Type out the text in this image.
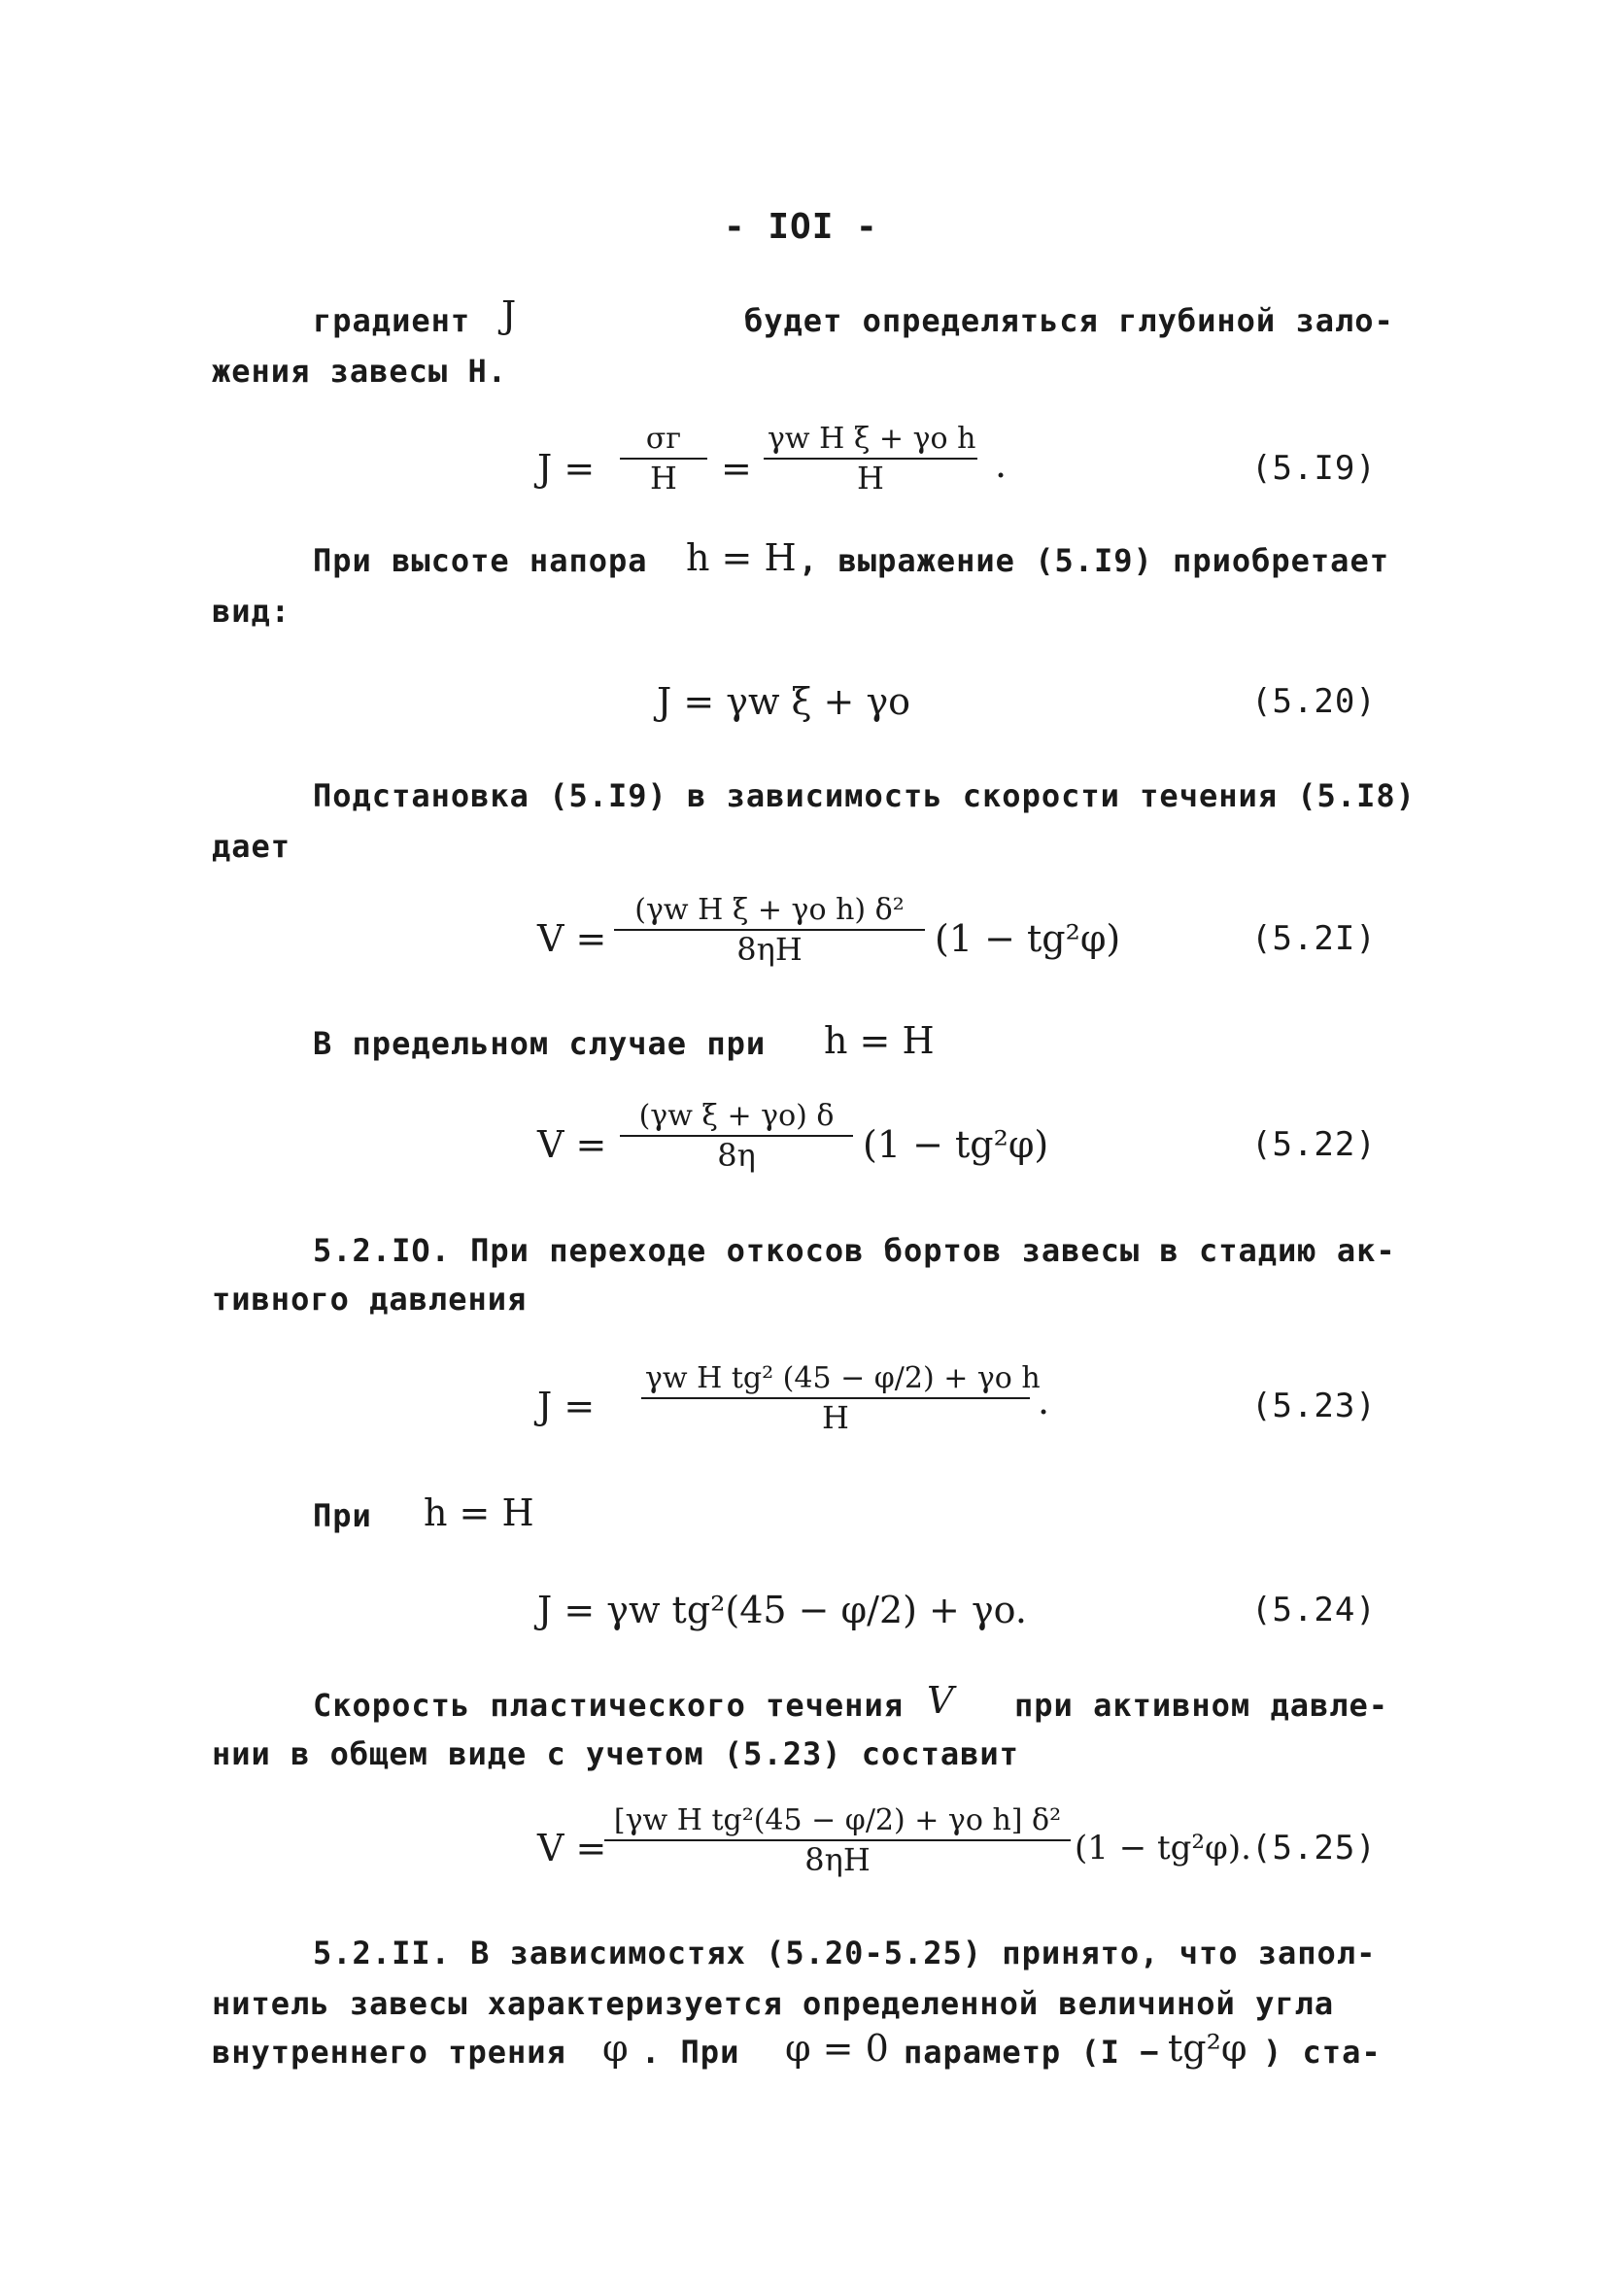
- IOI -
градиент J	будет определяться глубиной зало-
жения завесы H.
J =
σг
H	= $\frac{\text{γw H ξ + γo h}}{H}$ .	(5.I9)
При высоте напора h = H , выражение (5.I9) приобретает
вид:
J = γw ξ + γo	(5.20)
Подстановка (5.I9) в зависимость скорости течения (5.I8)
дает
$V = \frac{\text{(γw H ξ + γo h) δ²}}{8\eta H} (1 - tg^2\varphi)$	(5.2I)
В предельном случае при h = H
$V = \frac{\text{(γw ξ + γo) δ}}{8\eta} (1 - tg^2\varphi)$	(5.22)
5.2.IO. При переходе откосов бортов завесы в стадию ак-
тивного давления
$J = \frac{\text{γw H tg² (45 − φ/2) + γo h}}{H}$ .	(5.23)
При h = H
J = γw tg²(45 − φ/2) + γo.	(5.24)
Скорость пластического течения V при активном давле-
нии в общем виде с учетом (5.23) составит
V =
$\frac{\text{[γw H tg²(45 − φ/2) + γo h] δ²}}{8\eta H} (1 - tg^2\varphi)$. (5.25)
5.2.II. В зависимостях (5.20-5.25) принято, что запол-
нитель завесы характеризуется определенной величиной угла
внутреннего трения φ . При φ = 0 параметр (I − tg²φ ) ста-
